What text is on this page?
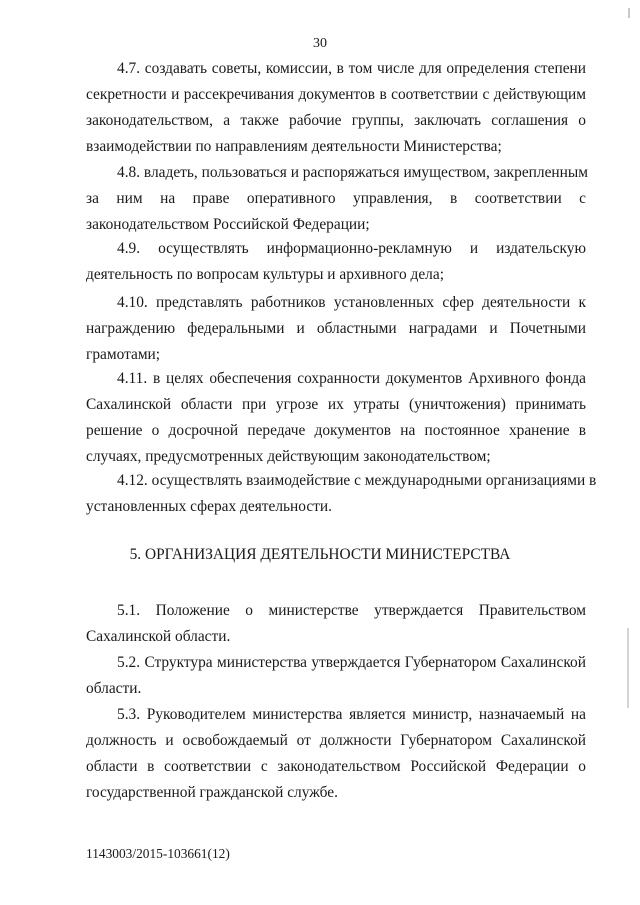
30
4.7. создавать советы, комиссии, в том числе для определения степени
секретности и рассекречивания документов в соответствии с действующим
законодательством, а также рабочие группы, заключать соглашения о
взаимодействии по направлениям деятельности Министерства;
4.8. владеть, пользоваться и распоряжаться имуществом, закрепленным
за ним на праве оперативного управления, в соответствии с
законодательством Российской Федерации;
4.9. осуществлять информационно-рекламную и издательскую
деятельность по вопросам культуры и архивного дела;
4.10. представлять работников установленных сфер деятельности к
награждению федеральными и областными наградами и Почетными
грамотами;
4.11. в целях обеспечения сохранности документов Архивного фонда
Сахалинской области при угрозе их утраты (уничтожения) принимать
решение о досрочной передаче документов на постоянное хранение в
случаях, предусмотренных действующим законодательством;
4.12. осуществлять взаимодействие с международными организациями в
установленных сферах деятельности.
5. ОРГАНИЗАЦИЯ ДЕЯТЕЛЬНОСТИ МИНИСТЕРСТВА
5.1. Положение о министерстве утверждается Правительством
Сахалинской области.
5.2. Структура министерства утверждается Губернатором Сахалинской
области.
5.3. Руководителем министерства является министр, назначаемый на
должность и освобождаемый от должности Губернатором Сахалинской
области в соответствии с законодательством Российской Федерации о
государственной гражданской службе.
1143003/2015-103661(12)
